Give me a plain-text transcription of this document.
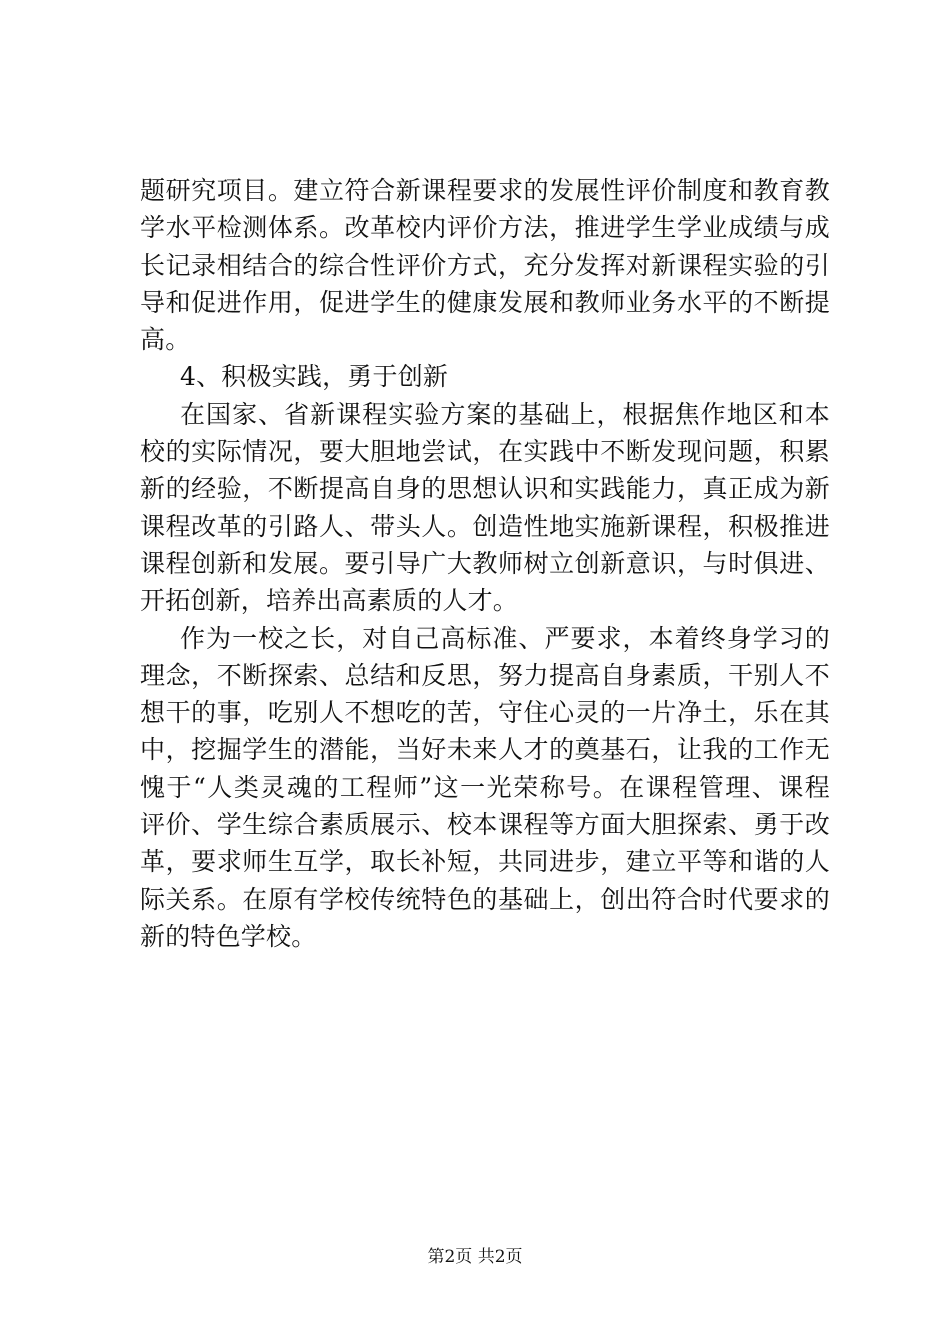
题研究项目。建立符合新课程要求的发展性评价制度和教育教
学水平检测体系。改革校内评价方法，推进学生学业成绩与成
长记录相结合的综合性评价方式，充分发挥对新课程实验的引
导和促进作用，促进学生的健康发展和教师业务水平的不断提
高。
4、积极实践，勇于创新
在国家、省新课程实验方案的基础上，根据焦作地区和本
校的实际情况，要大胆地尝试，在实践中不断发现问题，积累
新的经验，不断提高自身的思想认识和实践能力，真正成为新
课程改革的引路人、带头人。创造性地实施新课程，积极推进
课程创新和发展。要引导广大教师树立创新意识，与时俱进、
开拓创新，培养出高素质的人才。
作为一校之长，对自己高标准、严要求，本着终身学习的
理念，不断探索、总结和反思，努力提高自身素质，干别人不
想干的事，吃别人不想吃的苦，守住心灵的一片净土，乐在其
中，挖掘学生的潜能，当好未来人才的奠基石，让我的工作无
愧于“人类灵魂的工程师”这一光荣称号。在课程管理、课程
评价、学生综合素质展示、校本课程等方面大胆探索、勇于改
革，要求师生互学，取长补短，共同进步，建立平等和谐的人
际关系。在原有学校传统特色的基础上，创出符合时代要求的
新的特色学校。
第2页 共2页
